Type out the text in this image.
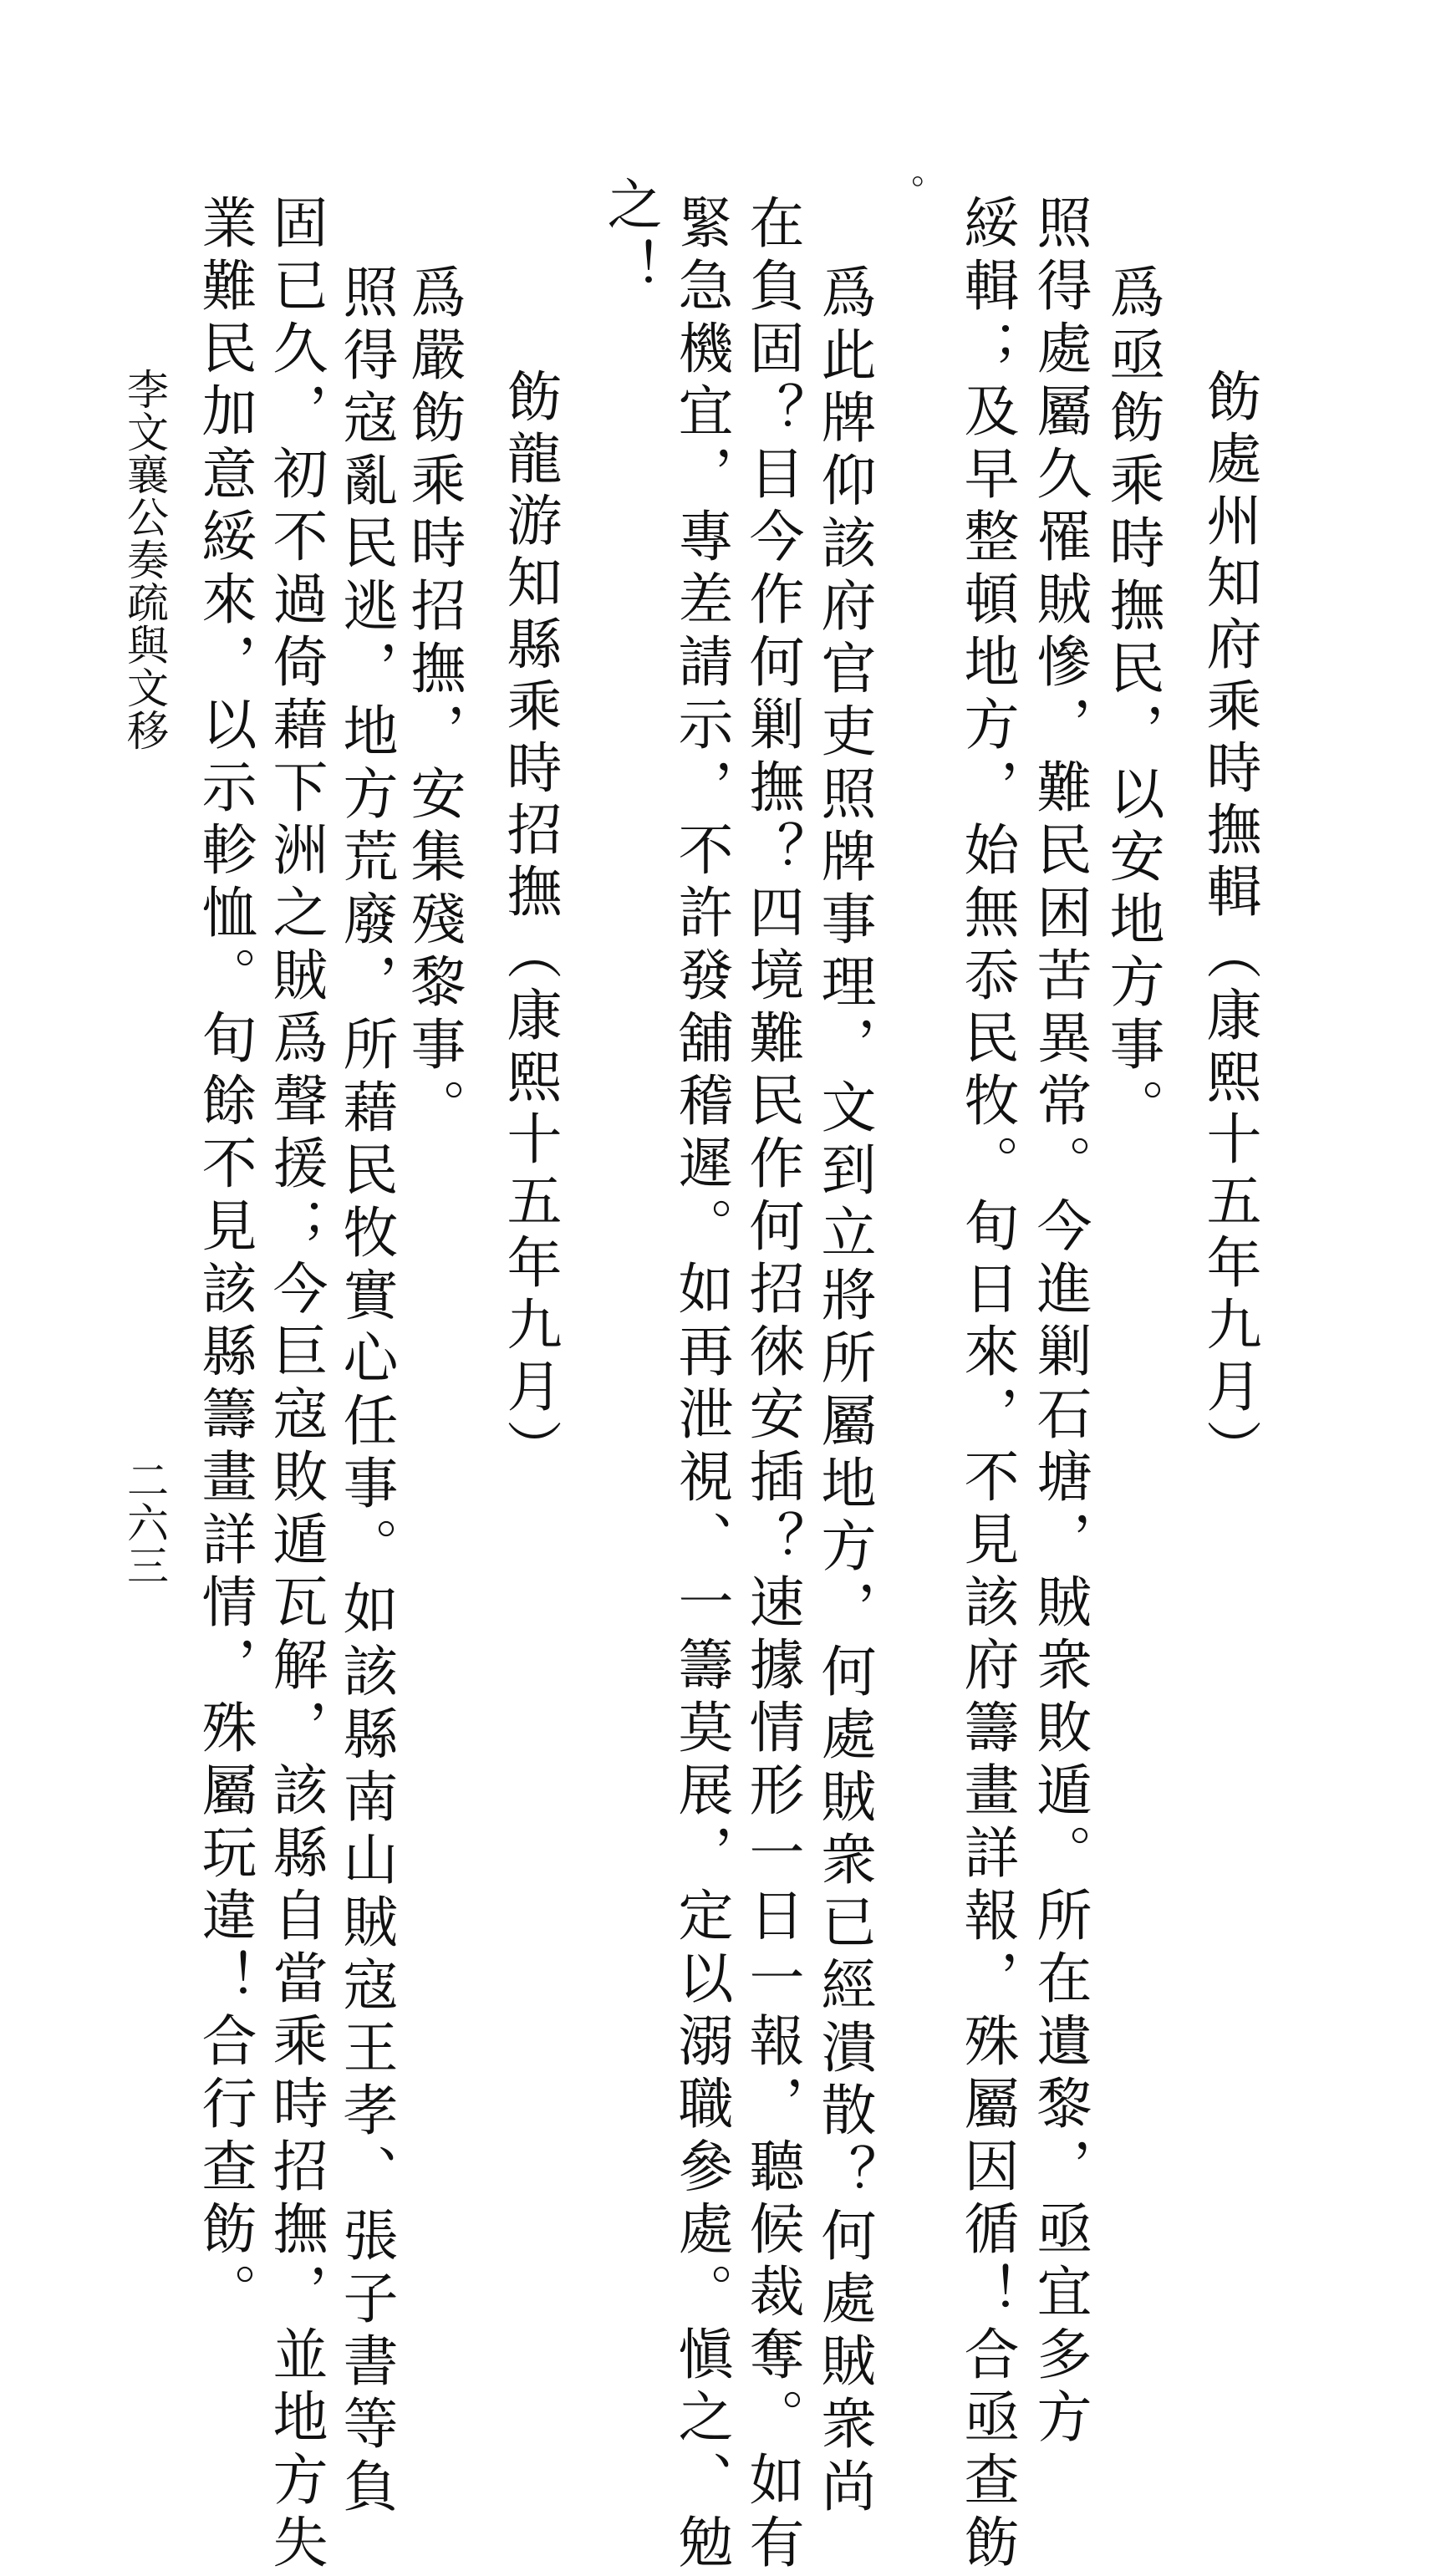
飭處州知府乘時撫輯（康熙十五年九月）

爲亟飭乘時撫民，以安地方事。

照得處屬久罹賊慘，難民困苦異常。今進剿石塘，賊衆敗遁。所在遺黎，亟宜多方

綏輯；及早整頓地方，始無忝民牧。旬日來，不見該府籌畫詳報，殊屬因循！合亟查飭

。

爲此牌仰該府官吏照牌事理，文到立將所屬地方，何處賊衆已經潰散？何處賊衆尚

在負固？目今作何剿撫？四境難民作何招徠安插？速據情形一日一報，聽候裁奪。如有

緊急機宜，專差請示，不許發舖稽遲。如再泄視、一籌莫展，定以溺職參處。愼之、勉

之！

飭龍游知縣乘時招撫（康熙十五年九月）

爲嚴飭乘時招撫，安集殘黎事。

照得寇亂民逃，地方荒廢，所藉民牧實心任事。如該縣南山賊寇王孝、張子書等負

固已久，初不過倚藉下洲之賊爲聲援；今巨寇敗遁瓦解，該縣自當乘時招撫，並地方失

業難民加意綏來，以示軫恤。旬餘不見該縣籌畫詳情，殊屬玩違！合行查飭。

李文襄公奏疏與文移
二六三
